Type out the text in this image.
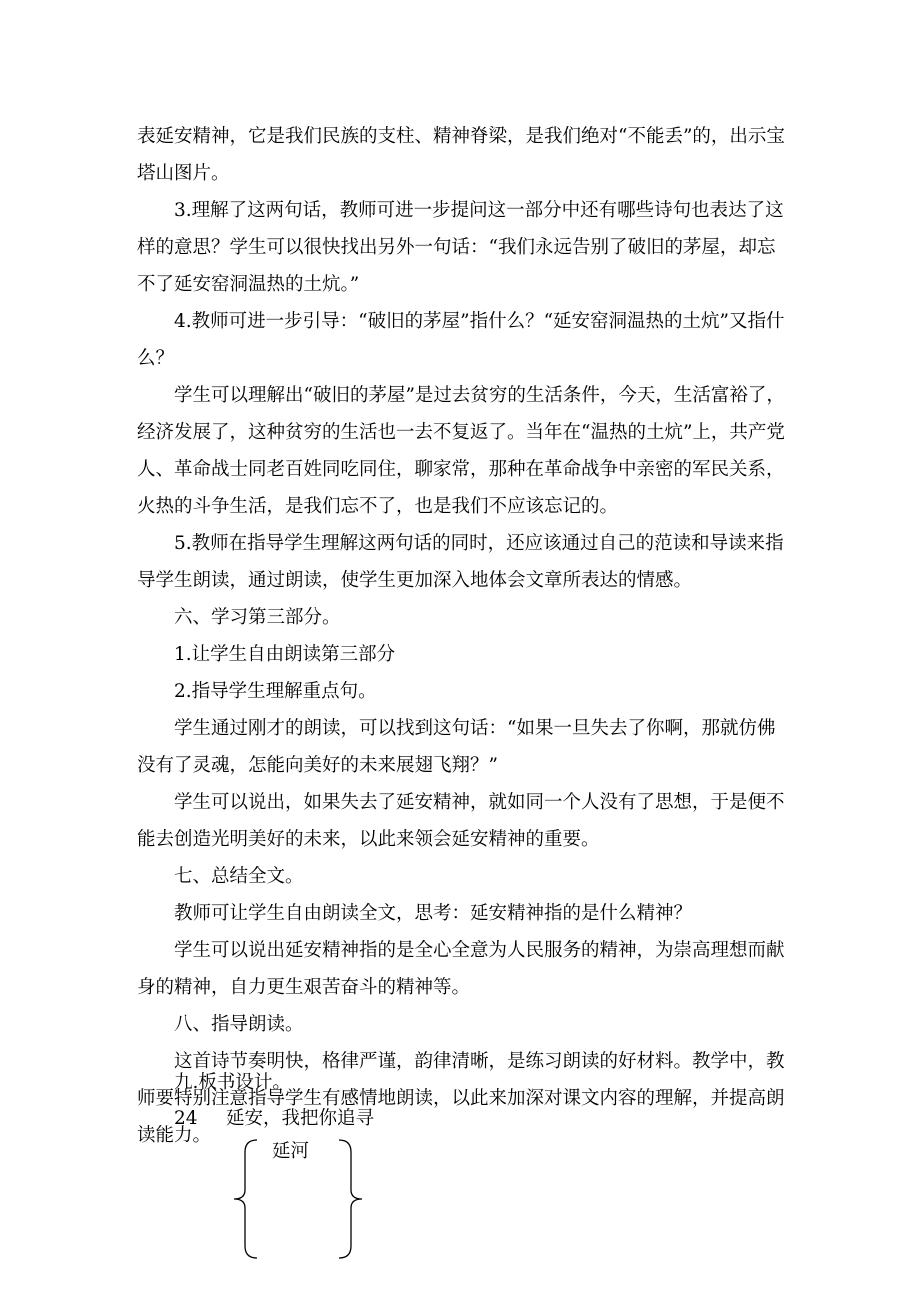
表延安精神，它是我们民族的支柱、精神脊梁，是我们绝对“不能丢”的，出示宝塔山图片。

3.理解了这两句话，教师可进一步提问这一部分中还有哪些诗句也表达了这样的意思？学生可以很快找出另外一句话：“我们永远告别了破旧的茅屋，却忘不了延安窑洞温热的土炕。”

4.教师可进一步引导：“破旧的茅屋”指什么？“延安窑洞温热的土炕”又指什么？

学生可以理解出“破旧的茅屋”是过去贫穷的生活条件，今天，生活富裕了，经济发展了，这种贫穷的生活也一去不复返了。当年在“温热的土炕”上，共产党人、革命战士同老百姓同吃同住，聊家常，那种在革命战争中亲密的军民关系，火热的斗争生活，是我们忘不了，也是我们不应该忘记的。

5.教师在指导学生理解这两句话的同时，还应该通过自己的范读和导读来指导学生朗读，通过朗读，使学生更加深入地体会文章所表达的情感。

六、学习第三部分。

1.让学生自由朗读第三部分

2.指导学生理解重点句。

学生通过刚才的朗读，可以找到这句话：“如果一旦失去了你啊，那就仿佛没有了灵魂，怎能向美好的未来展翅飞翔？”

学生可以说出，如果失去了延安精神，就如同一个人没有了思想，于是便不能去创造光明美好的未来，以此来领会延安精神的重要。

七、总结全文。

教师可让学生自由朗读全文，思考：延安精神指的是什么精神？

学生可以说出延安精神指的是全心全意为人民服务的精神，为崇高理想而献身的精神，自力更生艰苦奋斗的精神等。

八、指导朗读。

这首诗节奏明快，格律严谨，韵律清晰，是练习朗读的好材料。教学中，教师要特别注意指导学生有感情地朗读，以此来加深对课文内容的理解，并提高朗读能力。

九.板书设计。

24 延安，我把你追寻
延河
